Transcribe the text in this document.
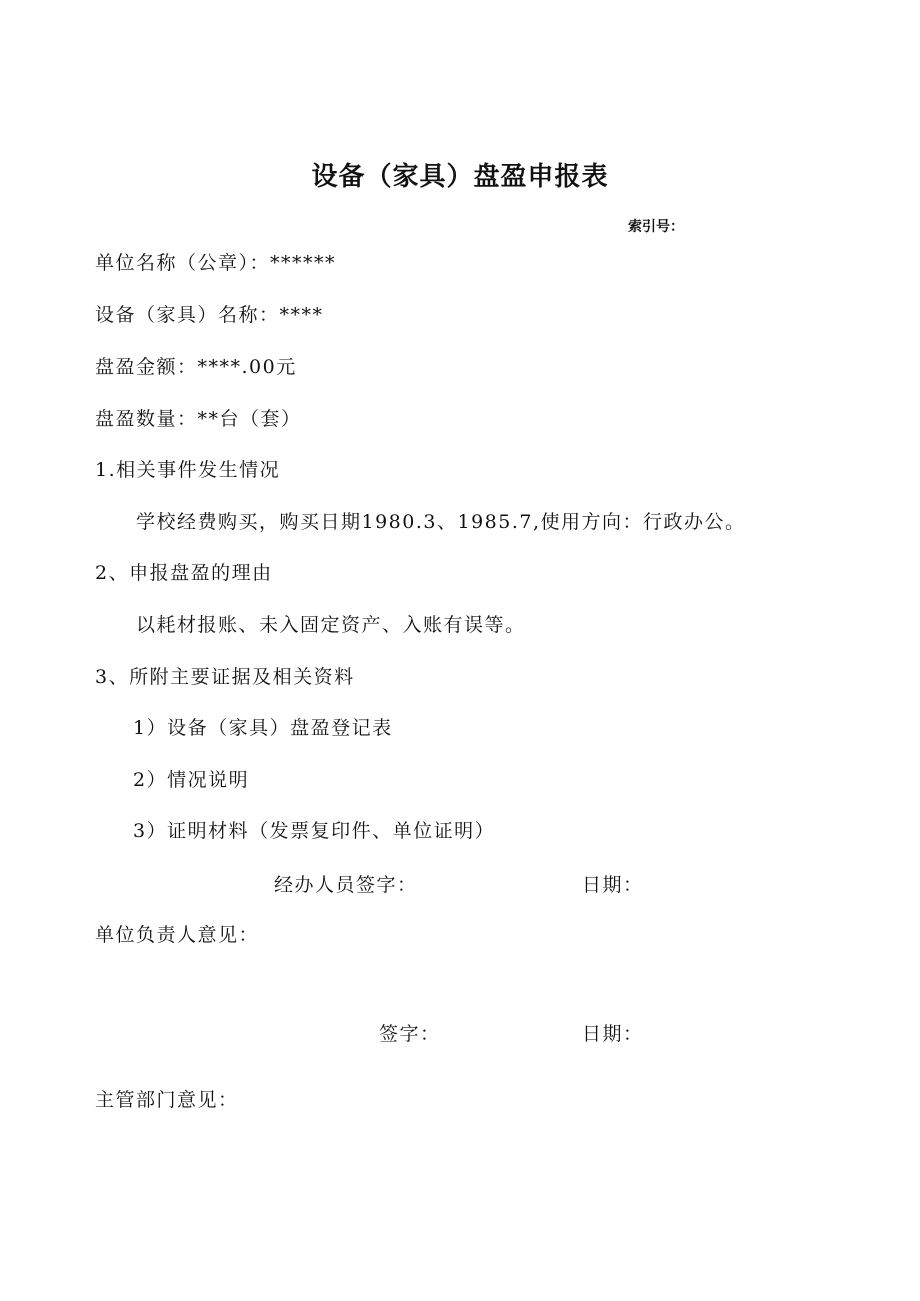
设备（家具）盘盈申报表
索引号：
单位名称（公章）：******
设备（家具）名称：****
盘盈金额：****.00元
盘盈数量：**台（套）
1.相关事件发生情况
学校经费购买，购买日期1980.3、1985.7,使用方向：行政办公。
2、申报盘盈的理由
以耗材报账、未入固定资产、入账有误等。
3、所附主要证据及相关资料
1）设备（家具）盘盈登记表
2）情况说明
3）证明材料（发票复印件、单位证明）
经办人员签字：	日期：
单位负责人意见：
签字：	日期：
主管部门意见：
